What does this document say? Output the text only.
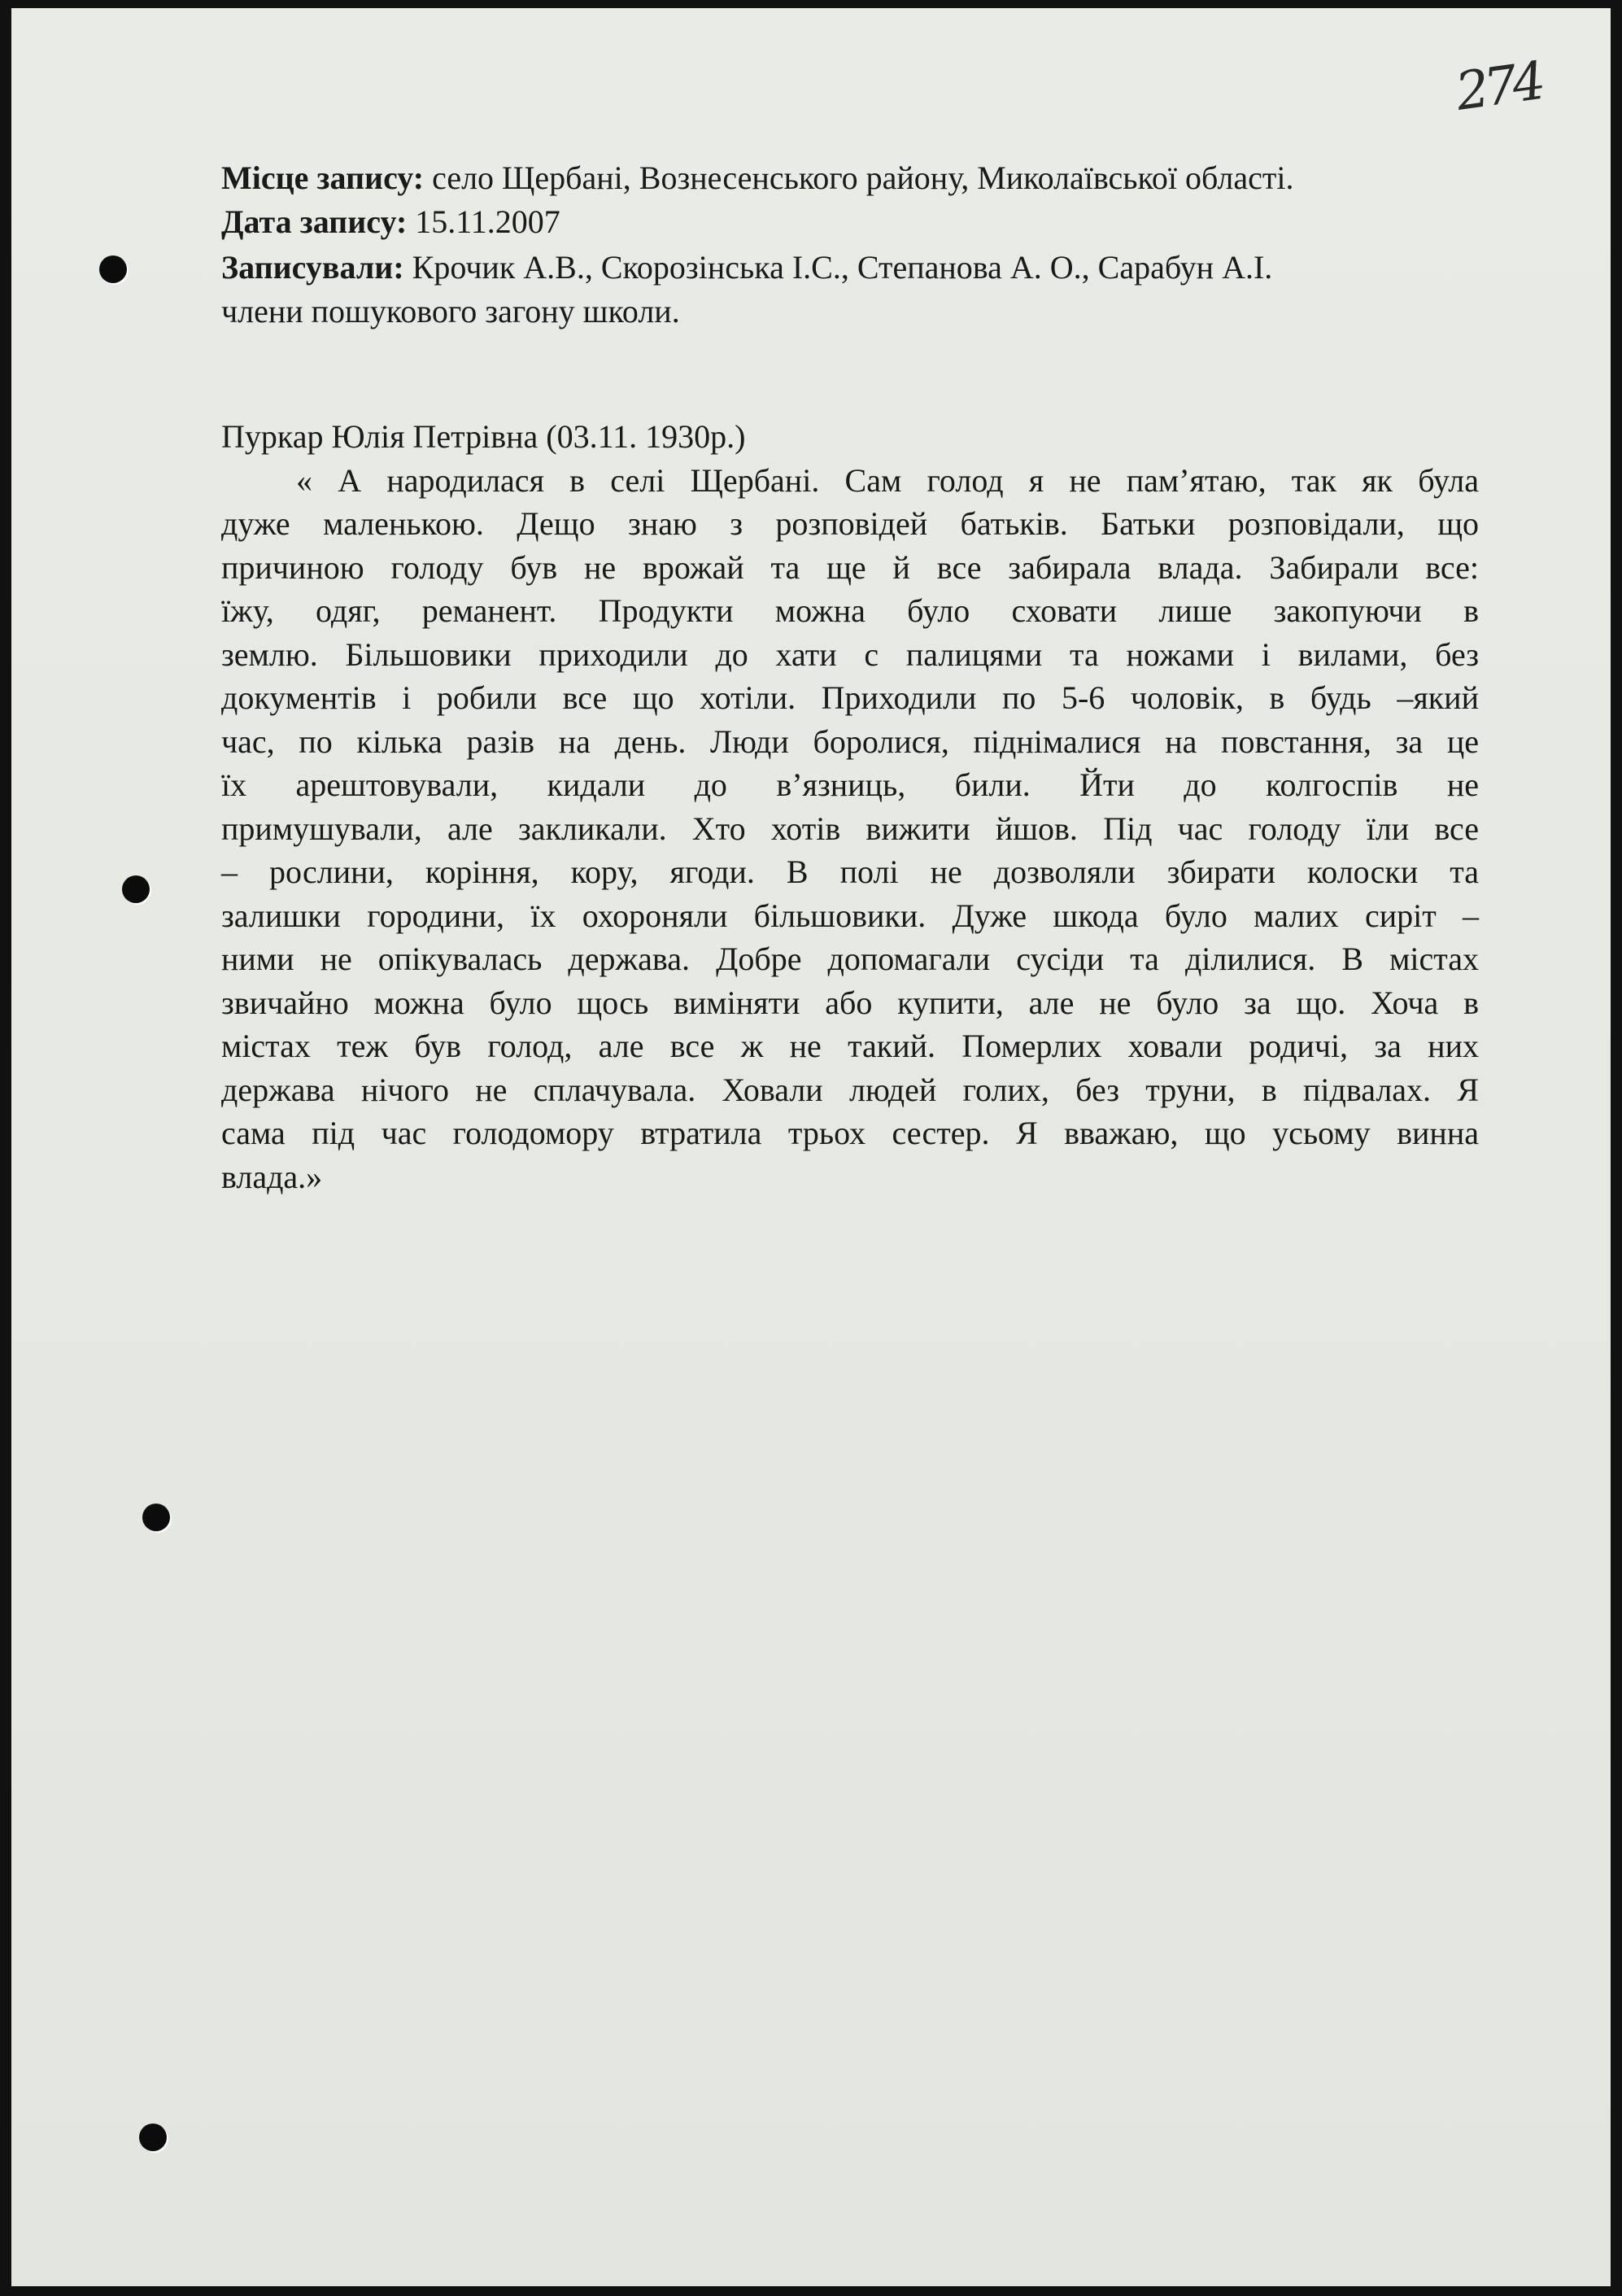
274
Місце запису: село Щербані, Вознесенського району, Миколаївської області.
Дата запису: 15.11.2007
Записували: Крочик А.В., Скорозінська І.С., Степанова А. О., Сарабун А.І.
члени пошукового загону школи.
Пуркар Юлія Петрівна (03.11. 1930р.)
« А народилася в селі Щербані. Сам голод я не пам’ятаю, так як була
дуже маленькою. Дещо знаю з розповідей батьків. Батьки розповідали, що
причиною голоду був не врожай та ще й все забирала влада. Забирали все:
їжу, одяг, реманент. Продукти можна було сховати лише закопуючи в
землю. Більшовики приходили до хати с палицями та ножами і вилами, без
документів і робили все що хотіли. Приходили по 5-6 чоловік, в будь –який
час, по кілька разів на день. Люди боролися, піднімалися на повстання, за це
їх арештовували, кидали до в’язниць, били. Йти до колгоспів не
примушували, але закликали. Хто хотів вижити йшов. Під час голоду їли все
– рослини, коріння, кору, ягоди. В полі не дозволяли збирати колоски та
залишки городини, їх охороняли більшовики. Дуже шкода було малих сиріт –
ними не опікувалась держава. Добре допомагали сусіди та ділилися. В містах
звичайно можна було щось виміняти або купити, але не було за що. Хоча в
містах теж був голод, але все ж не такий. Померлих ховали родичі, за них
держава нічого не сплачувала. Ховали людей голих, без труни, в підвалах. Я
сама під час голодомору втратила трьох сестер. Я вважаю, що усьому винна
влада.»
